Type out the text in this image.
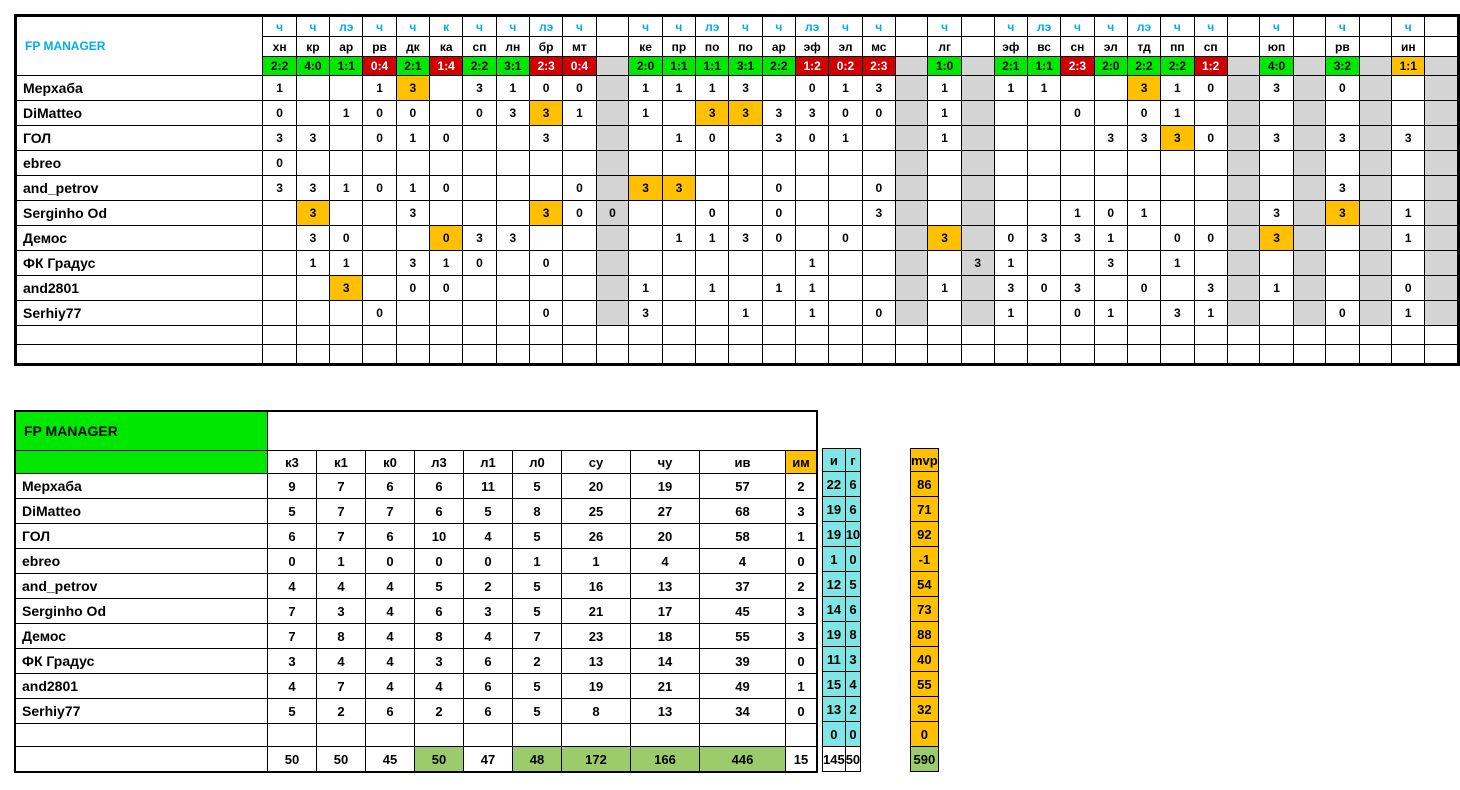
FP MANAGER	ч	ч	лэ	ч	ч	к	ч	ч	лэ	ч		ч	ч	лэ	ч	ч	лэ	ч	ч		ч		ч	лэ	ч	ч	лэ	ч	ч		ч		ч		ч	
	хн	кр	ар	рв	дк	ка	сп	лн	бр	мт		ке	пр	по	по	ар	эф	эл	мс		лг		эф	вс	сн	эл	тд	пп	сп		юп		рв		ин	
	2:2	4:0	1:1	0:4	2:1	1:4	2:2	3:1	2:3	0:4		2:0	1:1	1:1	3:1	2:2	1:2	0:2	2:3		1:0		2:1	1:1	2:3	2:0	2:2	2:2	1:2		4:0		3:2		1:1	
Мерхаба	1			1	3		3	1	0	0		1	1	1	3		0	1	3		1		1	1			3	1	0		3		0			
DiMatteo	0		1	0	0		0	3	3	1		1		3	3	3	3	0	0		1				0		0	1								
ГОЛ	3	3		0	1	0			3				1	0		3	0	1			1					3	3	3	0		3		3		3	
ebreo	0																																			
and_petrov	3	3	1	0	1	0				0		3	3			0			0														3			
Serginho Od		3			3				3	0	0			0		0			3						1	0	1				3		3		1	
Демос		3	0			0	3	3					1	1	3	0		0			3		0	3	3	1		0	0		3				1	
ФК Градус		1	1		3	1	0		0								1					3	1			3		1								
and2801			3		0	0						1		1		1	1				1		3	0	3		0		3		1				0	
Serhiy77				0					0			3			1		1		0				1		0	1		3	1				0		1	

FP MANAGER										
	к3	к1	к0	л3	л1	л0	су	чу	ив	им
Мерхаба	9	7	6	6	11	5	20	19	57	2
DiMatteo	5	7	7	6	5	8	25	27	68	3
ГОЛ	6	7	6	10	4	5	26	20	58	1
ebreo	0	1	0	0	0	1	1	4	4	0
and_petrov	4	4	4	5	2	5	16	13	37	2
Serginho Od	7	3	4	6	3	5	21	17	45	3
Демос	7	8	4	8	4	7	23	18	55	3
ФК Градус	3	4	4	3	6	2	13	14	39	0
and2801	4	7	4	4	6	5	19	21	49	1
Serhiy77	5	2	6	2	6	5	8	13	34	0

	50	50	45	50	47	48	172	166	446	15

и	г
22	6
19	6
19	10
1	0
12	5
14	6
19	8
11	3
15	4
13	2
0	0
145	50

mvp
86
71
92
-1
54
73
88
40
55
32
0
590
